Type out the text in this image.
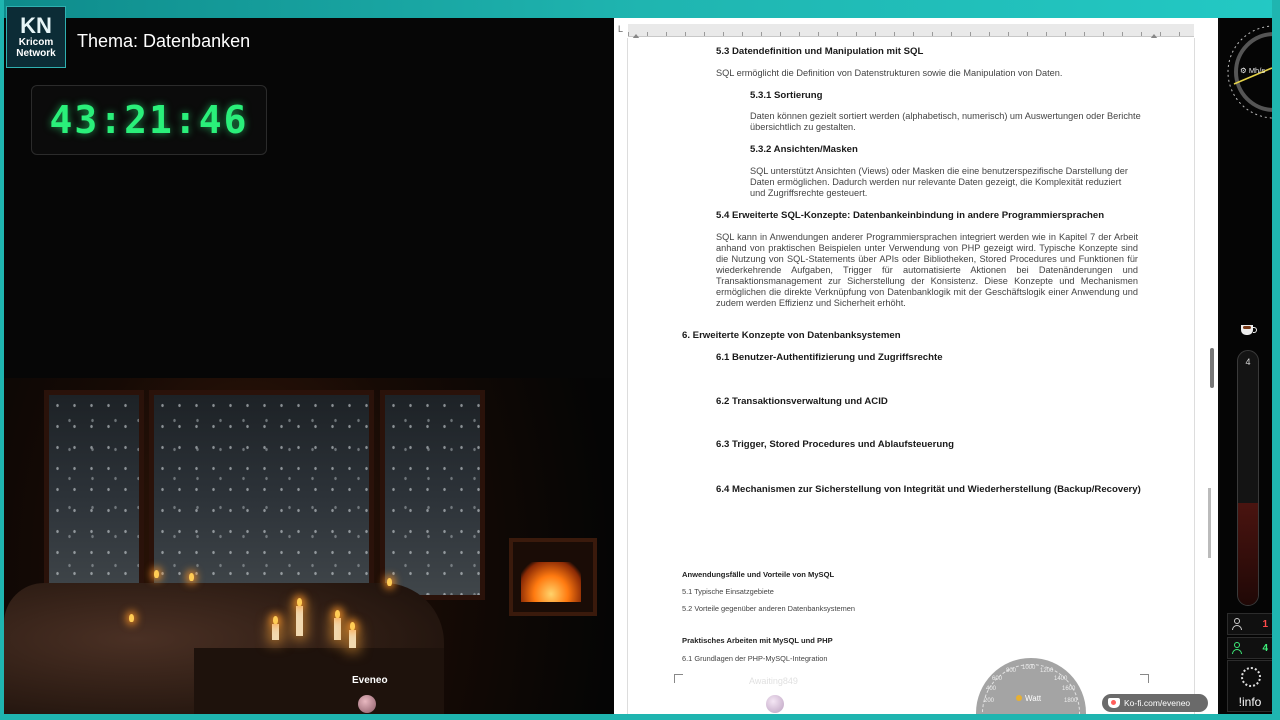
KN
Kricom
Network
Thema: Datenbanken
43:21:46
Eveneo
L
5.3 Datendefinition und Manipulation mit SQL
SQL ermöglicht die Definition von Datenstrukturen sowie die Manipulation von Daten.
5.3.1 Sortierung
Daten können gezielt sortiert werden (alphabetisch, numerisch) um Auswertungen oder Berichte übersichtlich zu gestalten.
5.3.2 Ansichten/Masken
SQL unterstützt Ansichten (Views) oder Masken die eine benutzerspezifische Darstellung der Daten ermöglichen. Dadurch werden nur relevante Daten gezeigt, die Komplexität reduziert und Zugriffsrechte gesteuert.
5.4 Erweiterte SQL-Konzepte: Datenbankeinbindung in andere Programmiersprachen
SQL kann in Anwendungen anderer Programmiersprachen integriert werden wie in Kapitel 7 der Arbeit anhand von praktischen Beispielen unter Verwendung von PHP gezeigt wird. Typische Konzepte sind die Nutzung von SQL-Statements über APIs oder Bibliotheken, Stored Procedures und Funktionen für wiederkehrende Aufgaben, Trigger für automatisierte Aktionen bei Datenänderungen und Transaktionsmanagement zur Sicherstellung der Konsistenz. Diese Konzepte und Mechanismen ermöglichen die direkte Verknüpfung von Datenbanklogik mit der Geschäftslogik einer Anwendung und zudem werden Effizienz und Sicherheit erhöht.
6. Erweiterte Konzepte von Datenbanksystemen
6.1 Benutzer-Authentifizierung und Zugriffsrechte
6.2 Transaktionsverwaltung und ACID
6.3 Trigger, Stored Procedures und Ablaufsteuerung
6.4 Mechanismen zur Sicherstellung von Integrität und Wiederherstellung (Backup/Recovery)
Anwendungsfälle und Vorteile von MySQL
5.1 Typische Einsatzgebiete
5.2 Vorteile gegenüber anderen Datenbanksystemen
Praktisches Arbeiten mit MySQL und PHP
6.1 Grundlagen der PHP-MySQL-Integration
Awaiting849
200
400
600
800 1000 1200
1400
1600
1800
Watt	Ko-fi.com/eveneo
⚙ Mh/s
4
1
4
!info
